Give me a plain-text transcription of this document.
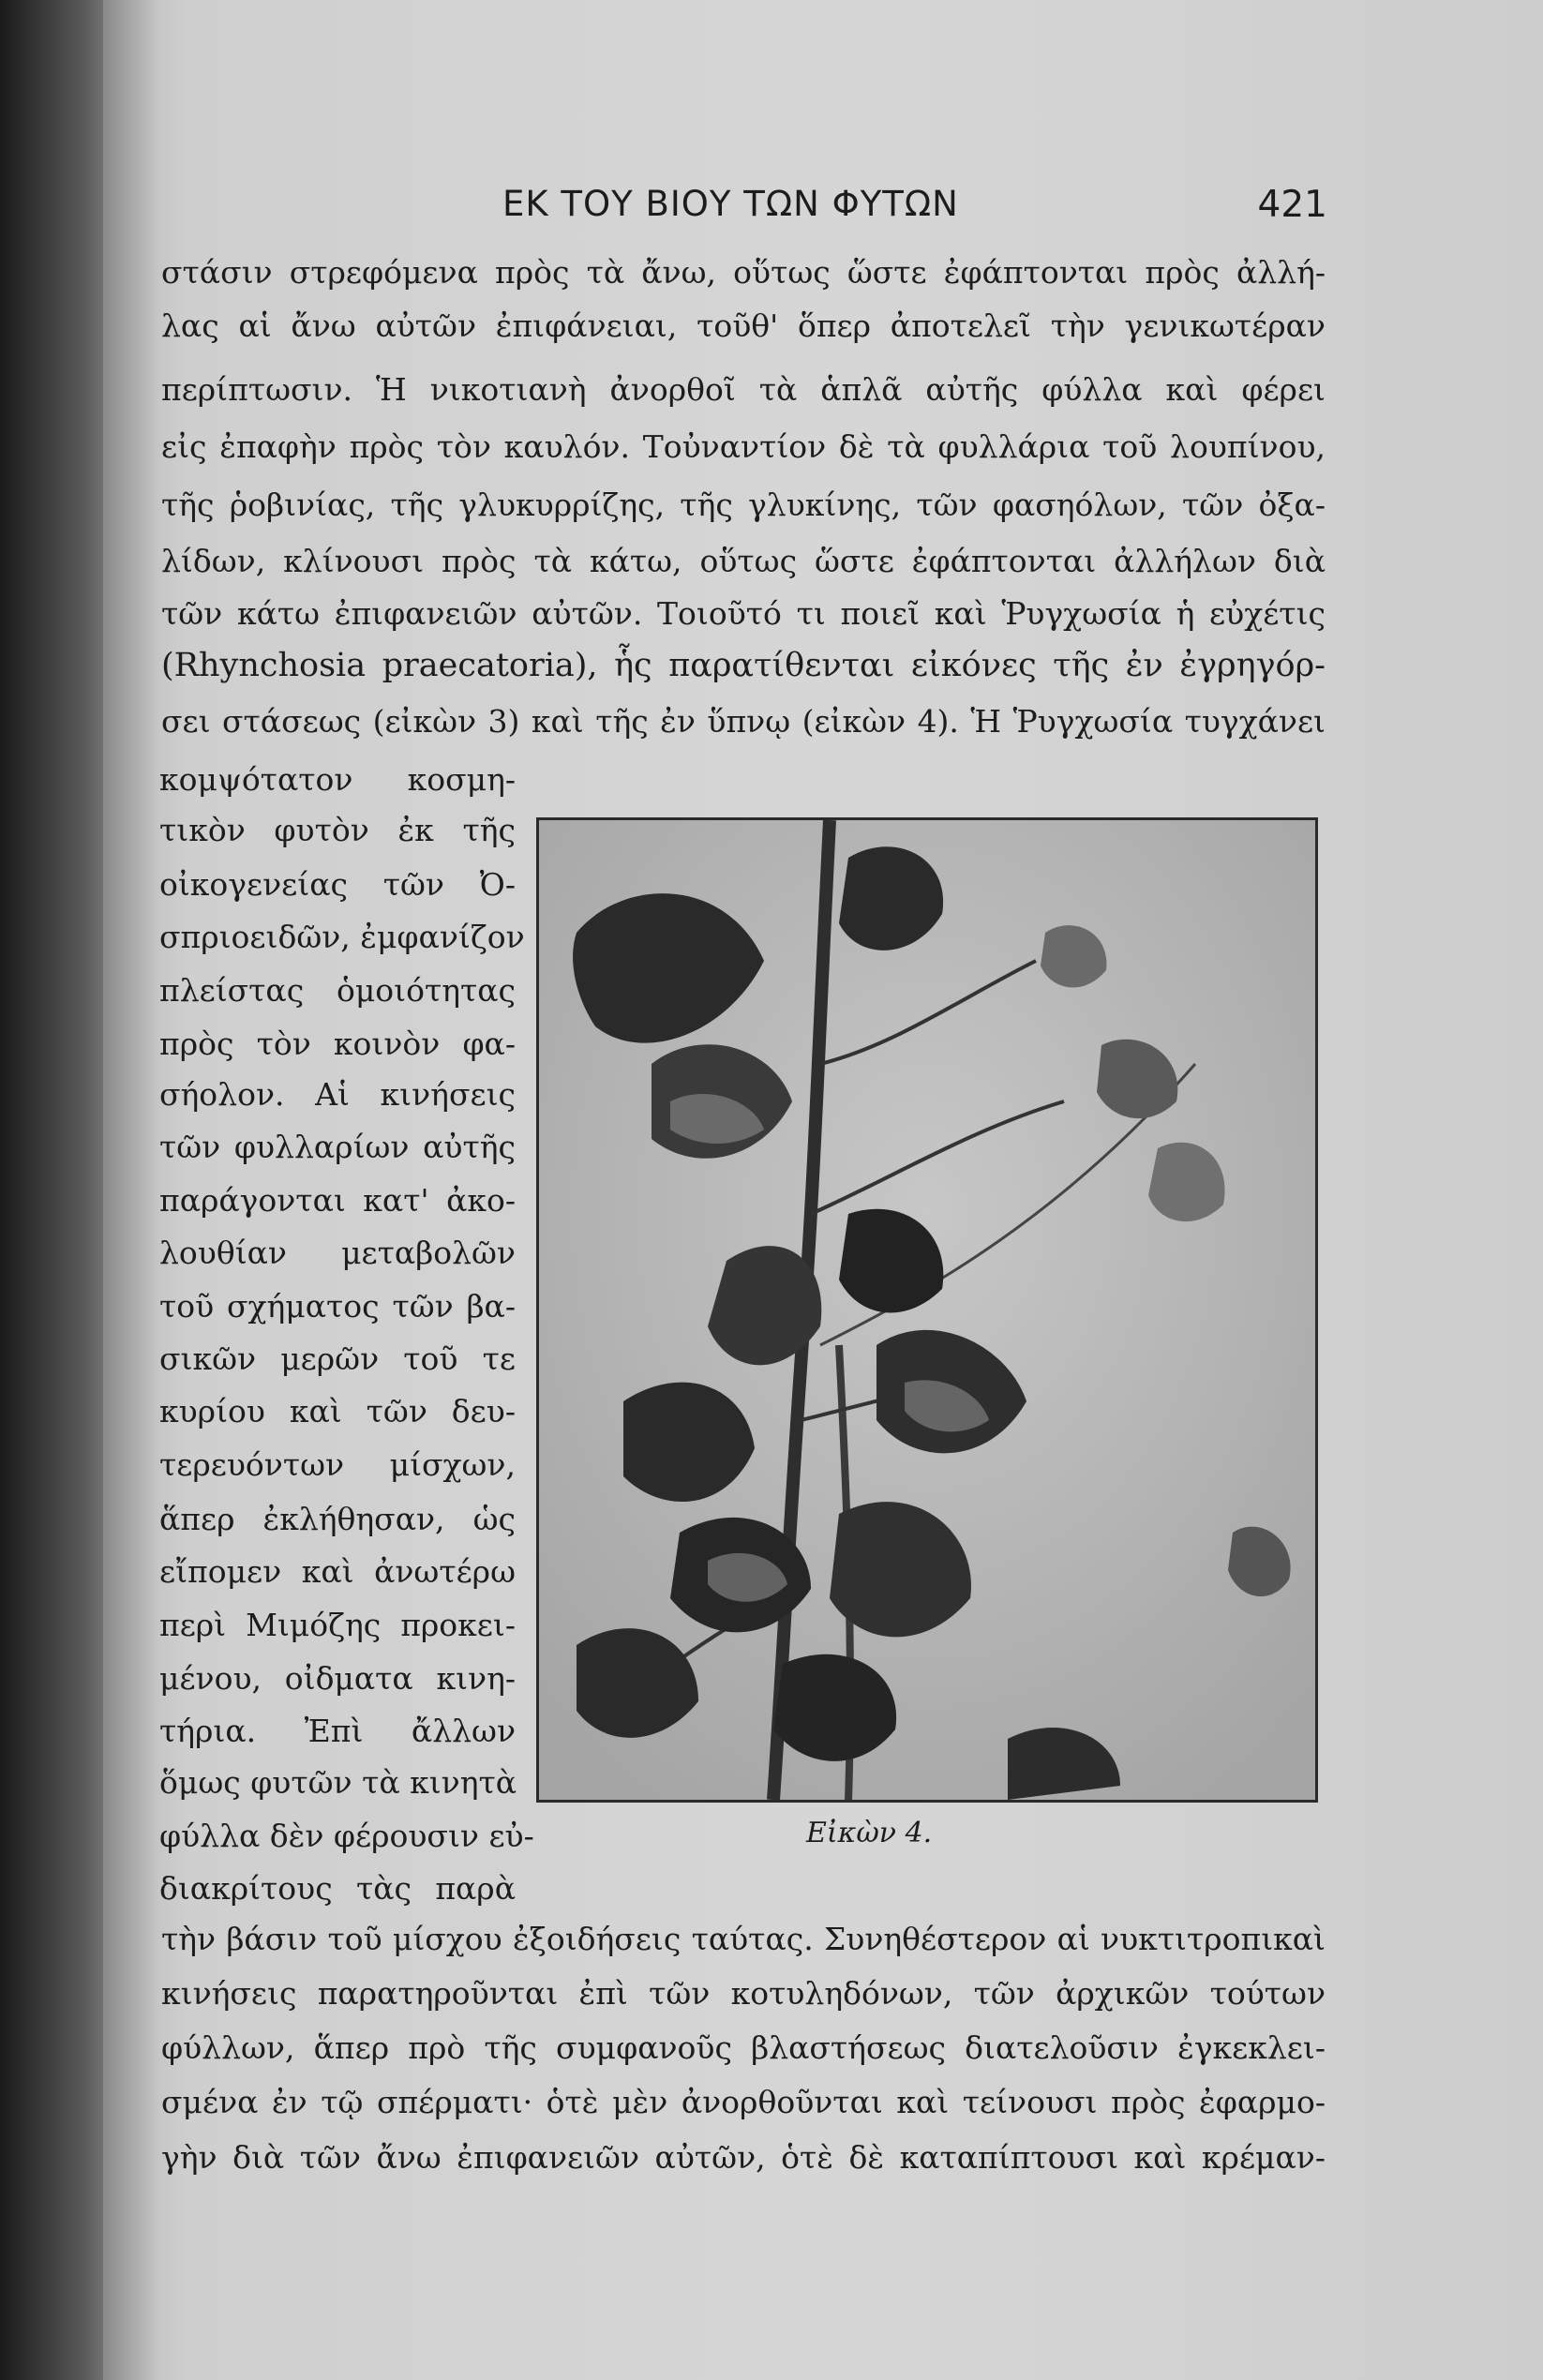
ΕΚ ΤΟΥ ΒΙΟΥ ΤΩΝ ΦΥΤΩΝ	421
στάσιν στρεφόμενα πρὸς τὰ ἄνω, οὕτως ὥστε ἐφάπτονται πρὸς ἀλλή-
λας αἱ ἄνω αὐτῶν ἐπιφάνειαι, τοῦθ' ὅπερ ἀποτελεῖ τὴν γενικωτέραν
περίπτωσιν. Ἡ νικοτιανὴ ἀνορθοῖ τὰ ἁπλᾶ αὐτῆς φύλλα καὶ φέρει
εἰς ἐπαφὴν πρὸς τὸν καυλόν. Τοὐναντίον δὲ τὰ φυλλάρια τοῦ λουπίνου,
τῆς ῥοβινίας, τῆς γλυκυρρίζης, τῆς γλυκίνης, τῶν φασηόλων, τῶν ὀξα-
λίδων, κλίνουσι πρὸς τὰ κάτω, οὕτως ὥστε ἐφάπτονται ἀλλήλων διὰ
τῶν κάτω ἐπιφανειῶν αὐτῶν. Τοιοῦτό τι ποιεῖ καὶ Ῥυγχωσία ἡ εὐχέτις
(Rhynchosia praecatoria), ἧς παρατίθενται εἰκόνες τῆς ἐν ἐγρηγόρ-
σει στάσεως (εἰκὼν 3) καὶ τῆς ἐν ὕπνῳ (εἰκὼν 4). Ἡ Ῥυγχωσία τυγχάνει
κομψότατον κοσμη-
τικὸν φυτὸν ἐκ τῆς
οἰκογενείας τῶν Ὀ-
σπριοειδῶν, ἐμφανίζον
πλείστας ὁμοιότητας
πρὸς τὸν κοινὸν φα-
σήολον. Αἱ κινήσεις
τῶν φυλλαρίων αὐτῆς
παράγονται κατ' ἀκο-
λουθίαν μεταβολῶν
τοῦ σχήματος τῶν βα-
σικῶν μερῶν τοῦ τε
κυρίου καὶ τῶν δευ-
τερευόντων μίσχων,
ἅπερ ἐκλήθησαν, ὡς
εἴπομεν καὶ ἀνωτέρω
περὶ Μιμόζης προκει-
μένου, οἰδματα κινη-
τήρια. Ἐπὶ ἄλλων
ὅμως φυτῶν τὰ κινητὰ
φύλλα δὲν φέρουσιν εὐ-
διακρίτους τὰς παρὰ
Εἰκὼν 4.
τὴν βάσιν τοῦ μίσχου ἐξοιδήσεις ταύτας. Συνηθέστερον αἱ νυκτιτροπικαὶ
κινήσεις παρατηροῦνται ἐπὶ τῶν κοτυληδόνων, τῶν ἀρχικῶν τούτων
φύλλων, ἅπερ πρὸ τῆς συμφανοῦς βλαστήσεως διατελοῦσιν ἐγκεκλει-
σμένα ἐν τῷ σπέρματι· ὁτὲ μὲν ἀνορθοῦνται καὶ τείνουσι πρὸς ἐφαρμο-
γὴν διὰ τῶν ἄνω ἐπιφανειῶν αὐτῶν, ὁτὲ δὲ καταπίπτουσι καὶ κρέμαν-
